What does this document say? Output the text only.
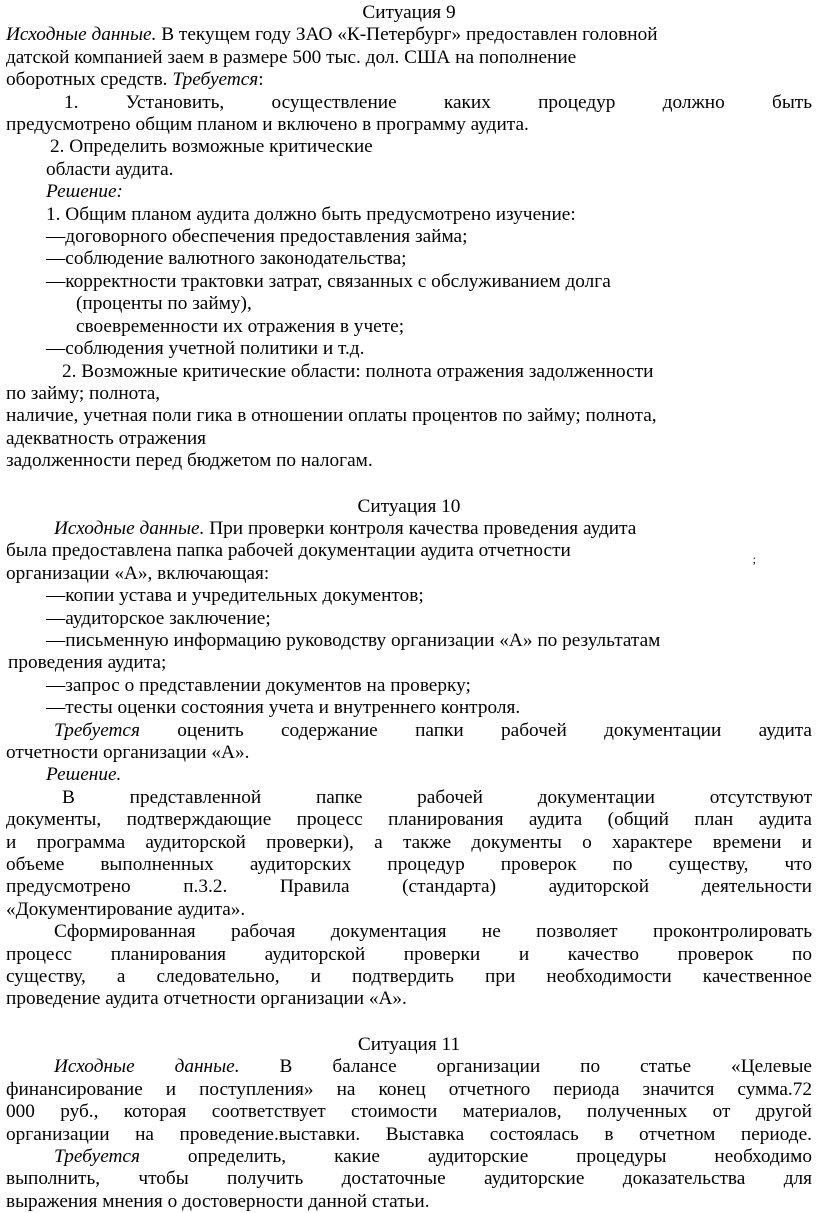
Ситуация 9

Исходные данные. В текущем году ЗАО «К-Петербург» предоставлен головной

датской компанией заем в размере 500 тыс. дол. США на пополнение

оборотных средств. Требуется:

1. Установить, осуществление каких процедур должно быть

предусмотрено общим планом и включено в программу аудита.

2. Определить возможные критические

области аудита.

Решение:

1. Общим планом аудита должно быть предусмотрено изучение:

—договорного обеспечения предоставления займа;

—соблюдение валютного законодательства;

—корректности трактовки затрат, связанных с обслуживанием долга

(проценты по займу),

своевременности их отражения в учете;

—соблюдения учетной политики и т.д.

2. Возможные критические области: полнота отражения задолженности

по займу; полнота,

наличие, учетная поли гика в отношении оплаты процентов по займу; полнота,

адекватность отражения

задолженности перед бюджетом по налогам.

Ситуация 10

Исходные данные. При проверки контроля качества проведения аудита

была предоставлена папка рабочей документации аудита отчетности

организации «А», включающая:

—копии устава и учредительных документов;

—аудиторское заключение;

—письменную информацию руководству организации «А» по результатам

проведения аудита;

—запрос о представлении документов на проверку;

—тесты оценки состояния учета и внутреннего контроля.

Требуется оценить содержание папки рабочей документации аудита

отчетности организации «А».

Решение.

В представленной папке рабочей документации отсутствуют

документы, подтверждающие процесс планирования аудита (общий план аудита

и программа аудиторской проверки), а также документы о характере времени и

объеме выполненных аудиторских процедур проверок по существу, что

предусмотрено п.3.2. Правила (стандарта) аудиторской деятельности

«Документирование аудита».

Сформированная рабочая документация не позволяет проконтролировать

процесс планирования аудиторской проверки и качество проверок по

существу, а следовательно, и подтвердить при необходимости качественное

проведение аудита отчетности организации «А».

Ситуация 11

Исходные данные. В балансе организации по статье «Целевые

финансирование и поступления» на конец отчетного периода значится сумма.72

000 руб., которая соответствует стоимости материалов, полученных от другой

организации на проведение.выставки. Выставка состоялась в отчетном периоде.

Требуется определить, какие аудиторские процедуры необходимо

выполнить, чтобы получить достаточные аудиторские доказательства для

выражения мнения о достоверности данной статьи.

;
